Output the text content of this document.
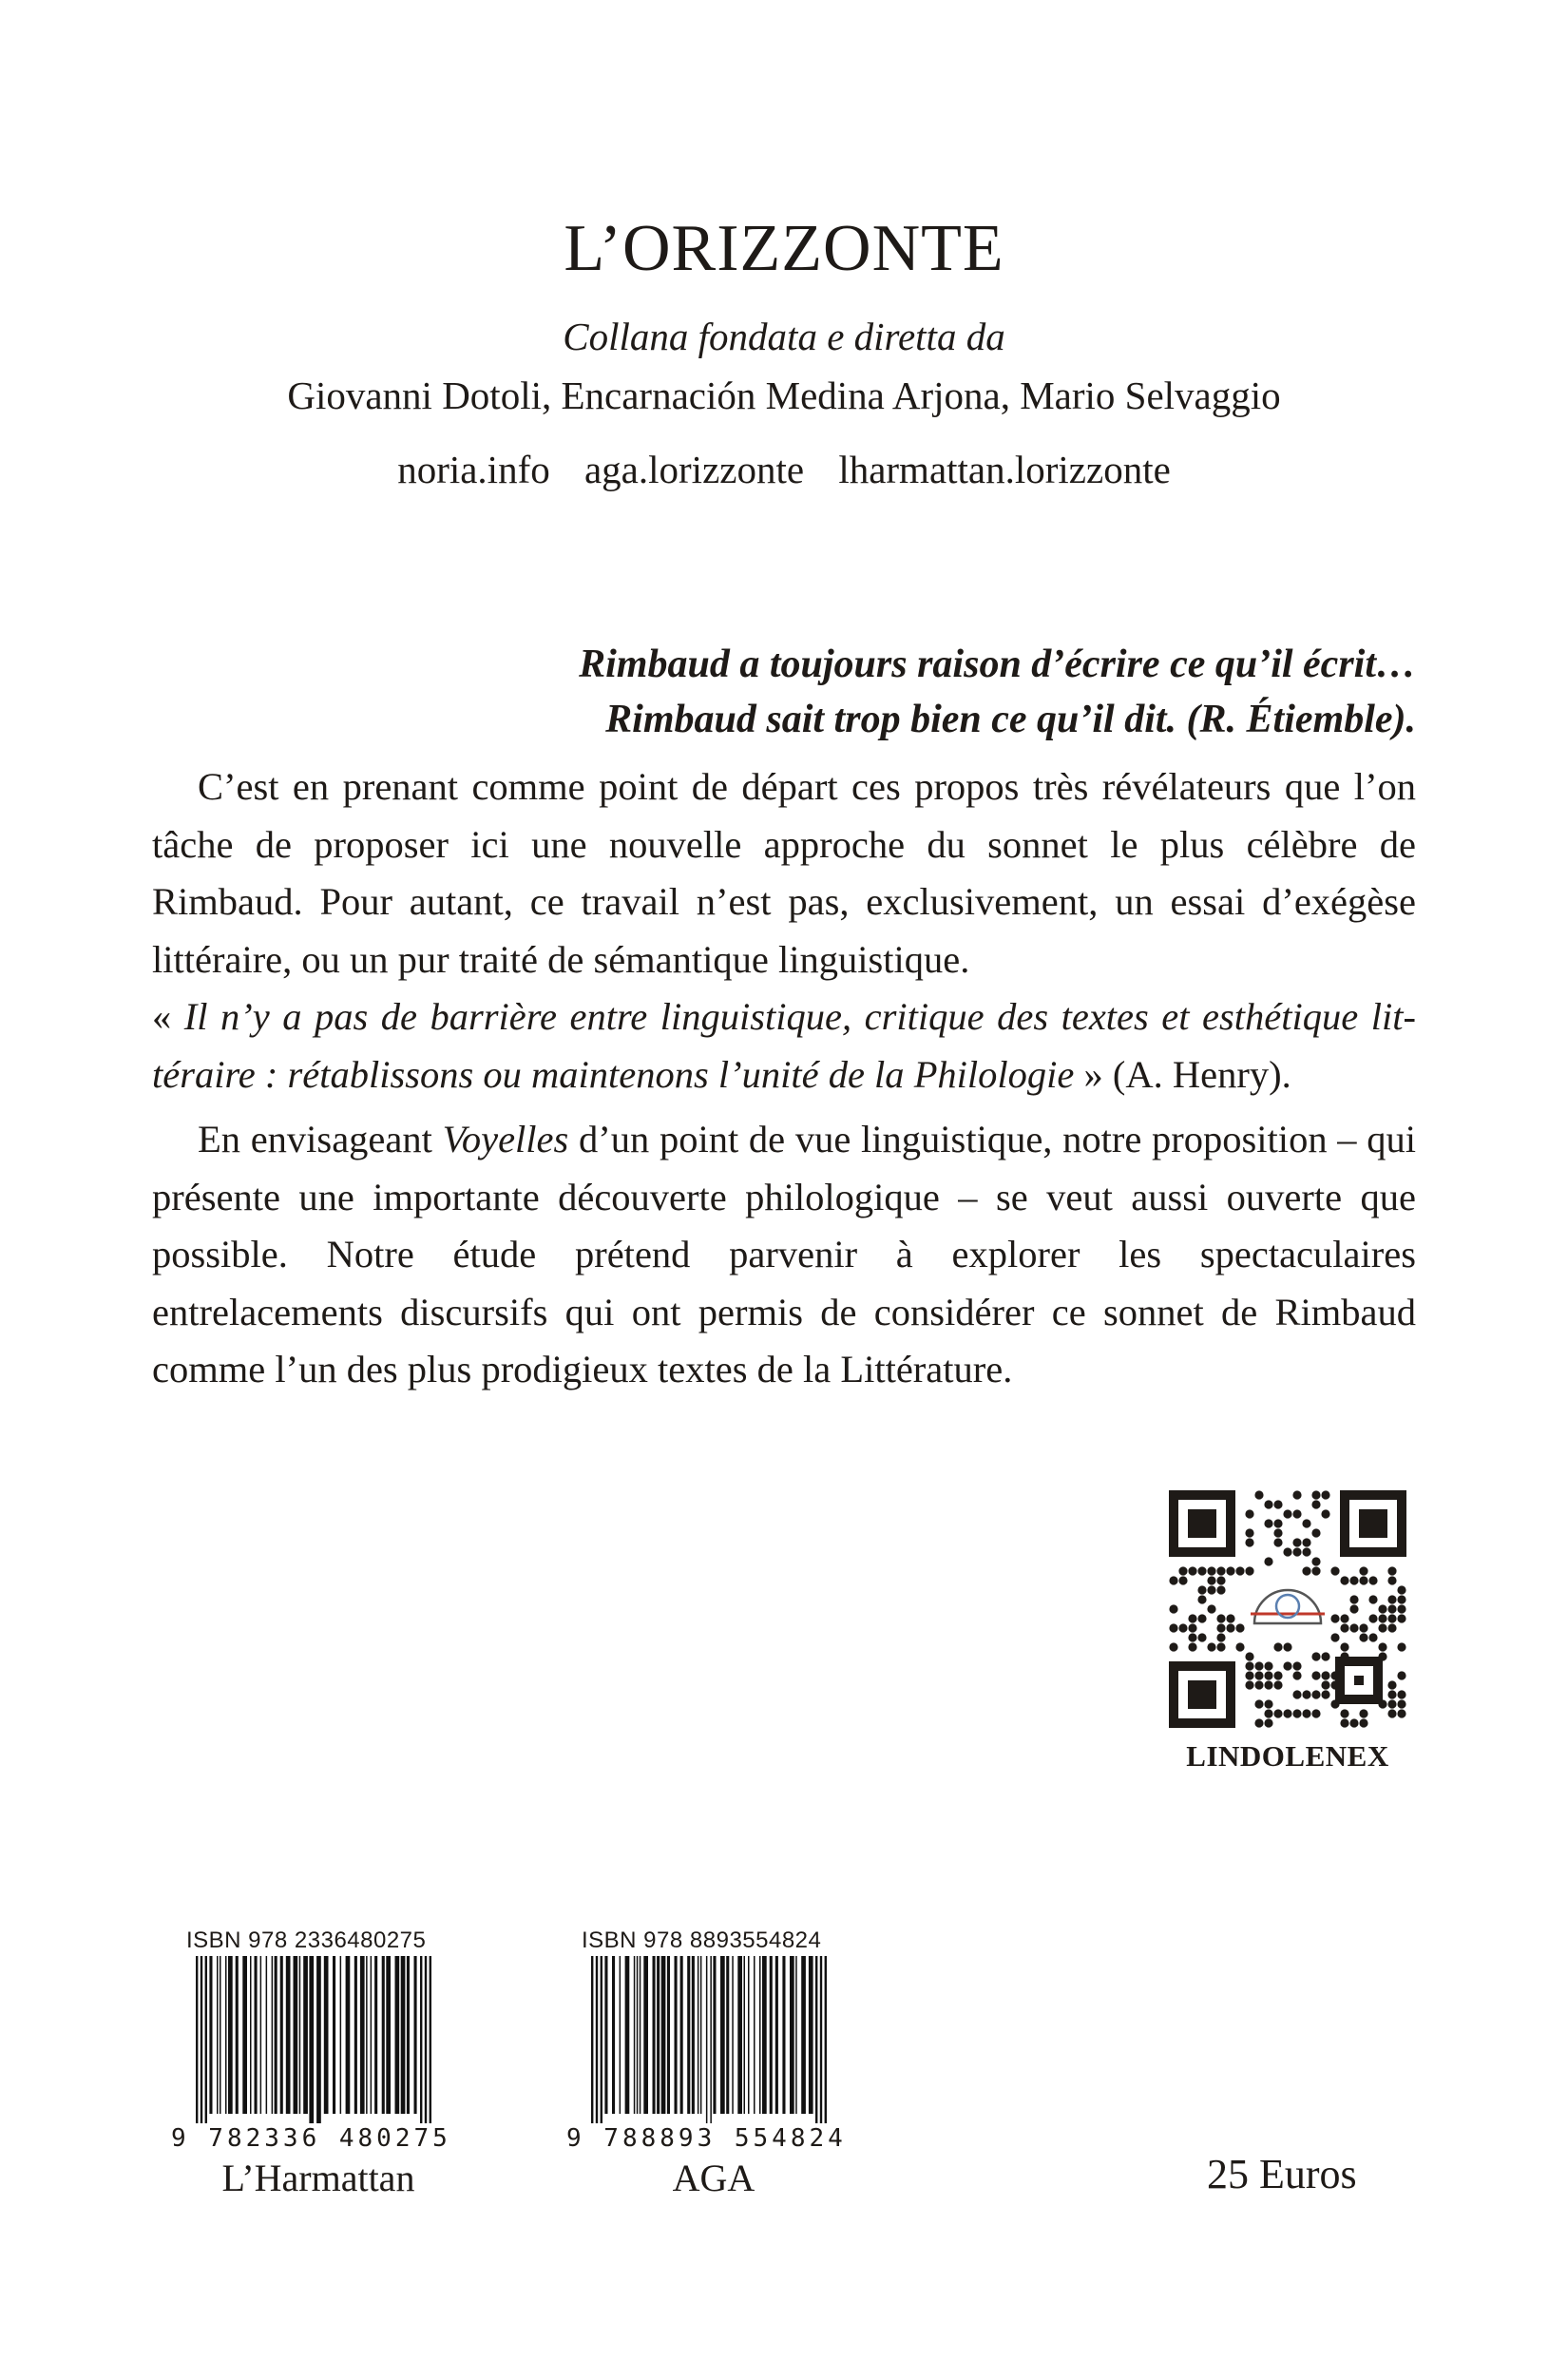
L’ORIZZONTE
Collana fondata e diretta da
Giovanni Dotoli, Encarnación Medina Arjona, Mario Selvaggio
noria.info aga.lorizzonte lharmattan.lorizzonte
Rimbaud a toujours raison d’écrire ce qu’il écrit…
Rimbaud sait trop bien ce qu’il dit. (R. Étiemble).

C’est en prenant comme point de départ ces propos très révélateurs que l’on tâche de proposer ici une nouvelle approche du sonnet le plus célèbre de Rimbaud. Pour autant, ce travail n’est pas, exclusivement, un essai d’exégèse littéraire, ou un pur traité de sémantique linguistique.
« Il n’y a pas de barrière entre linguistique, critique des textes et esthétique littéraire : rétablissons ou maintenons l’unité de la Philologie » (A. Henry).

En envisageant Voyelles d’un point de vue linguistique, notre proposition – qui présente une importante découverte philologique – se veut aussi ouverte que possible. Notre étude prétend parvenir à explorer les spectaculaires entrelacements discursifs qui ont permis de considérer ce sonnet de Rimbaud comme l’un des plus prodigieux textes de la Littérature.

LINDOLENEX
ISBN 978 2336480275
9 782336 480275
L’Harmattan
ISBN 978 8893554824
9 788893 554824
AGA	25 Euros
